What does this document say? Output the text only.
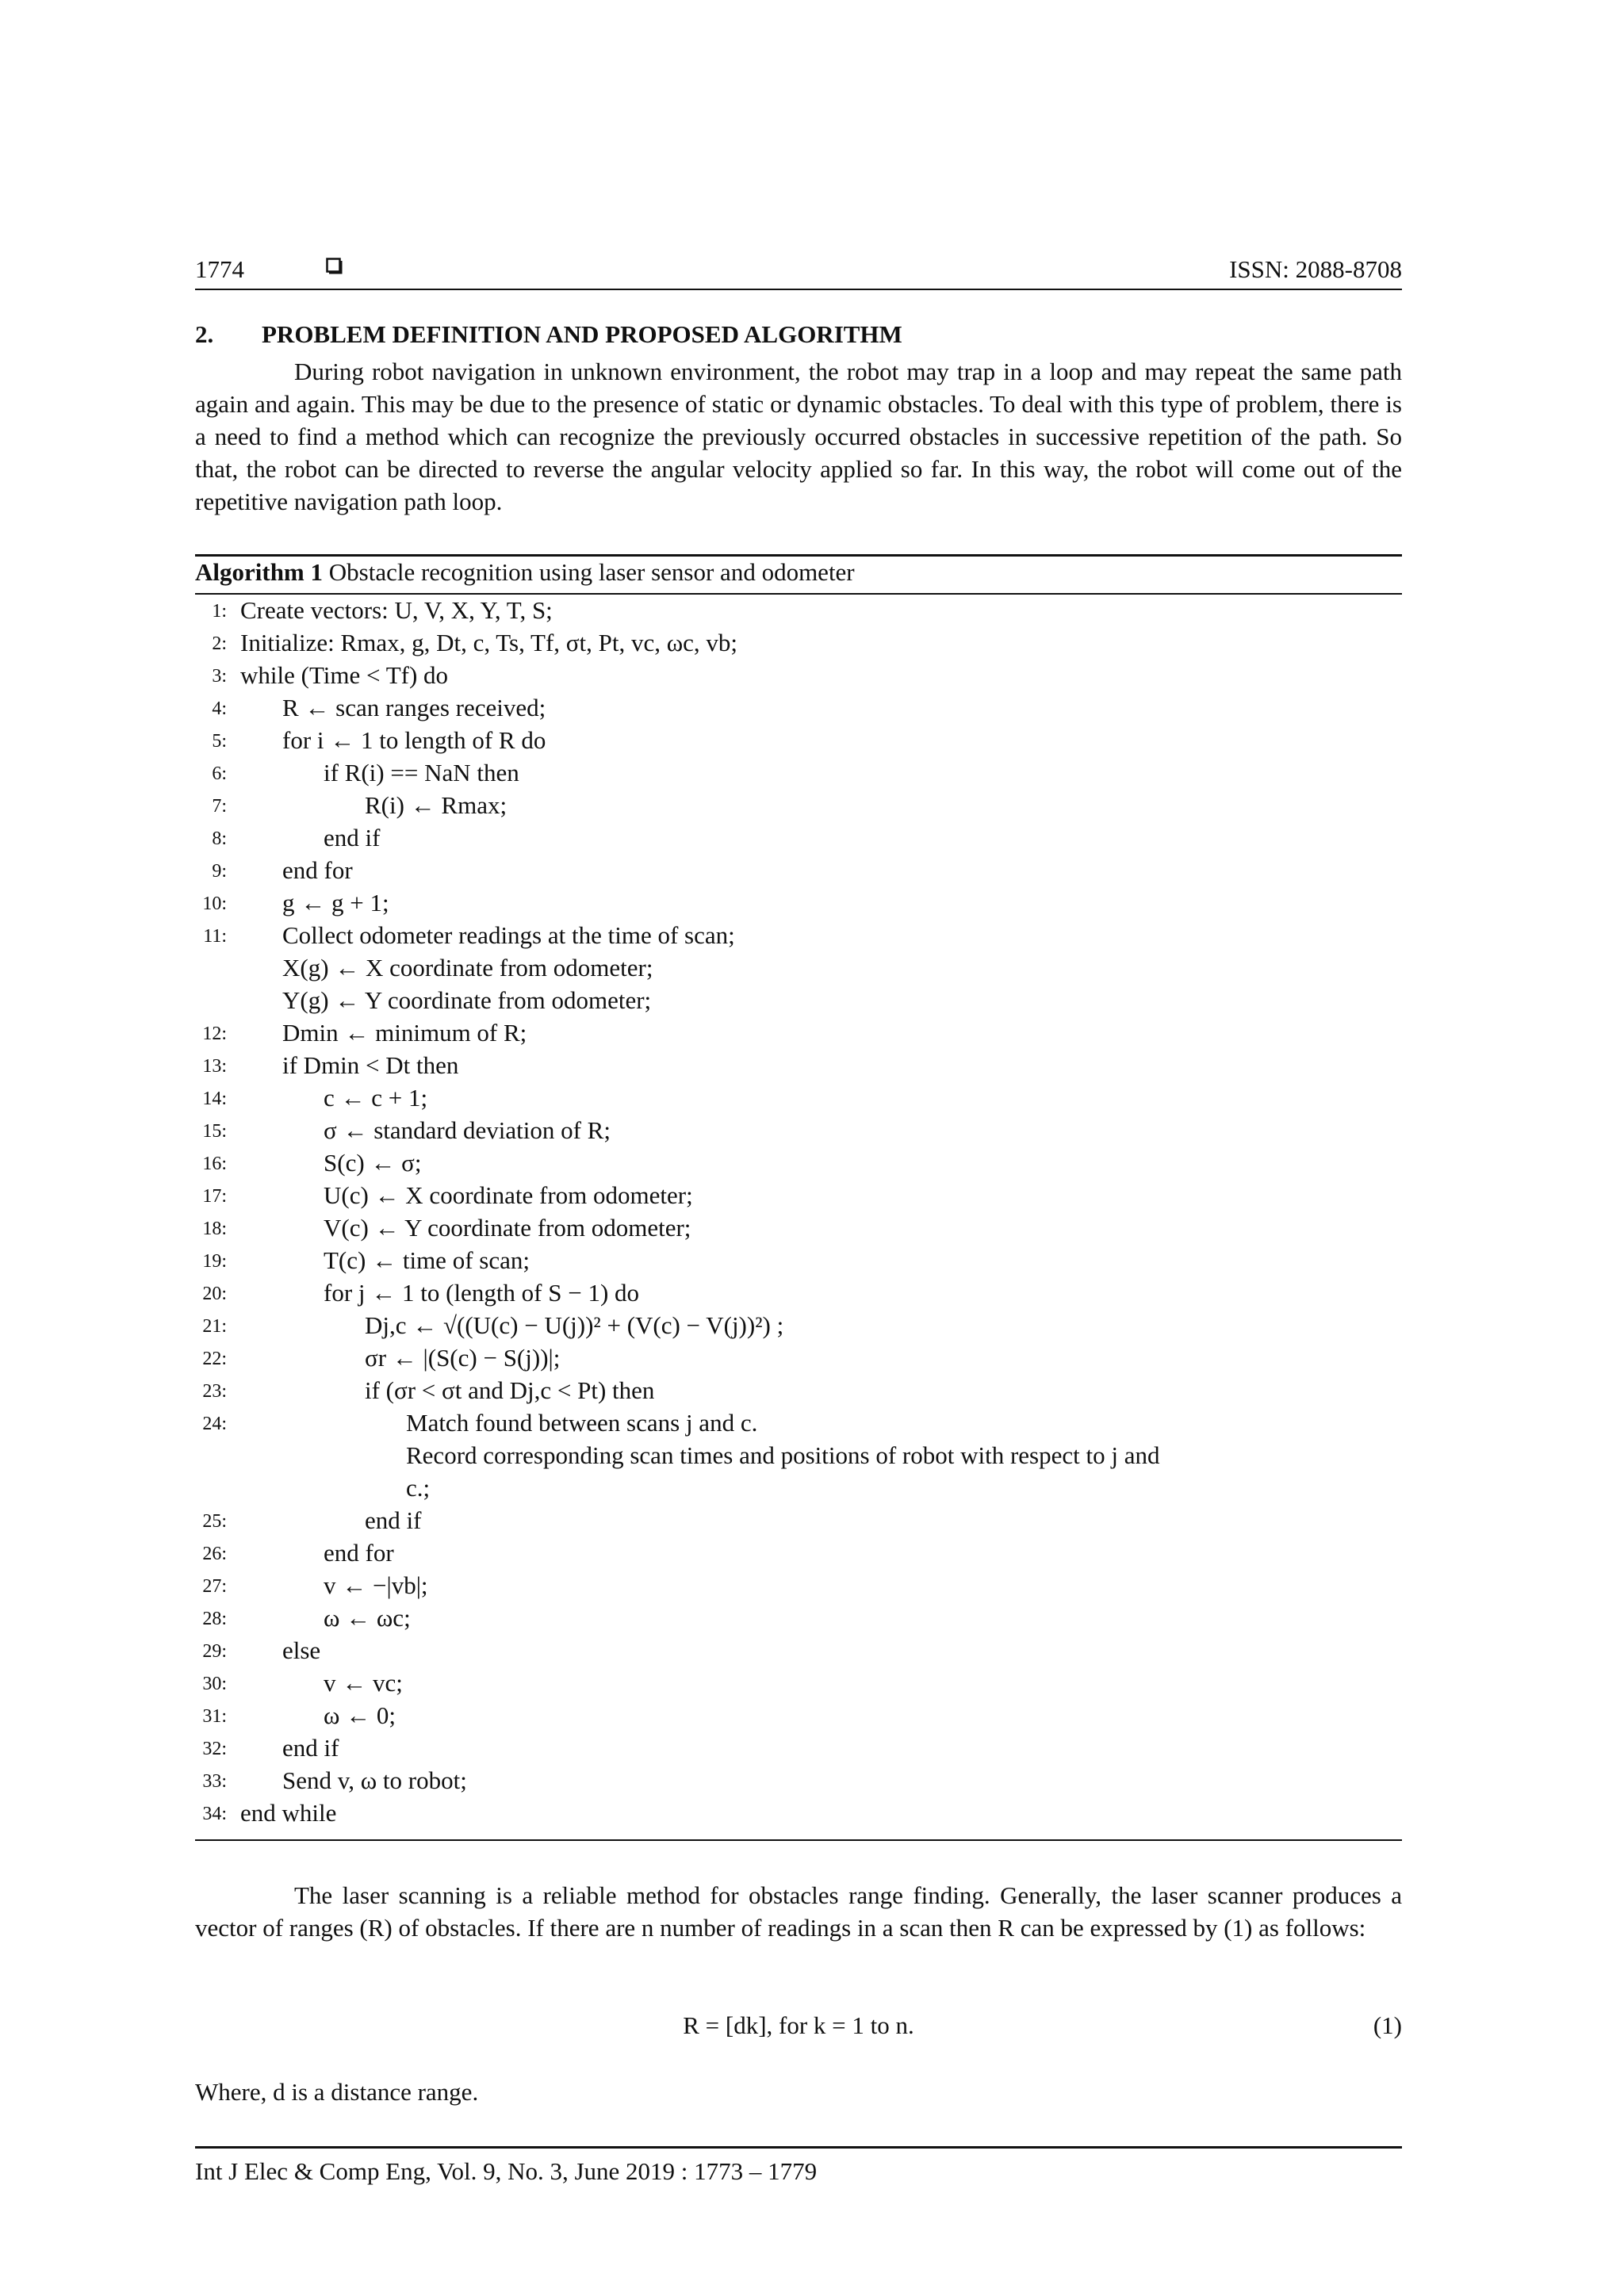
1774	ISSN: 2088-8708
2. PROBLEM DEFINITION AND PROPOSED ALGORITHM
During robot navigation in unknown environment, the robot may trap in a loop and may repeat the same path again and again. This may be due to the presence of static or dynamic obstacles. To deal with this type of problem, there is a need to find a method which can recognize the previously occurred obstacles in successive repetition of the path. So that, the robot can be directed to reverse the angular velocity applied so far. In this way, the robot will come out of the repetitive navigation path loop.
Algorithm 1 Obstacle recognition using laser sensor and odometer
1: Create vectors: U, V, X, Y, T, S;
2: Initialize: Rmax, g, Dt, c, Ts, Tf, σt, Pt, vc, ωc, vb;
3: while (Time < Tf) do
4: R ← scan ranges received;
5: for i ← 1 to length of R do
6:	if R(i) == NaN then
7:	R(i) ← Rmax;
8:	end if
9: end for
10: g ← g + 1;
11: Collect odometer readings at the time of scan;
X(g) ← X coordinate from odometer;
Y(g) ← Y coordinate from odometer;
12: Dmin ← minimum of R;
13: if Dmin < Dt then
14:	c ← c + 1;
15:	σ ← standard deviation of R;
16:	S(c) ← σ;
17:	U(c) ← X coordinate from odometer;
18:	V(c) ← Y coordinate from odometer;
19:	T(c) ← time of scan;
20:	for j ← 1 to (length of S − 1) do
21:	Dj,c ← √((U(c) − U(j))² + (V(c) − V(j))²) ;
22:	σr ← |(S(c) − S(j))|;
23:	if (σr < σt and Dj,c < Pt) then
24:	Match found between scans j and c.
Record corresponding scan times and positions of robot with respect to j and
c.;
25:	end if
26:	end for
27:	v ← −|vb|;
28:	ω ← ωc;
29: else
30:	v ← vc;
31:	ω ← 0;
32: end if
33: Send v, ω to robot;
34: end while
The laser scanning is a reliable method for obstacles range finding. Generally, the laser scanner produces a vector of ranges (R) of obstacles. If there are n number of readings in a scan then R can be expressed by (1) as follows:
R = [dk], for k = 1 to n.	(1)
Where, d is a distance range.
Int J Elec & Comp Eng, Vol. 9, No. 3, June 2019 : 1773 – 1779
